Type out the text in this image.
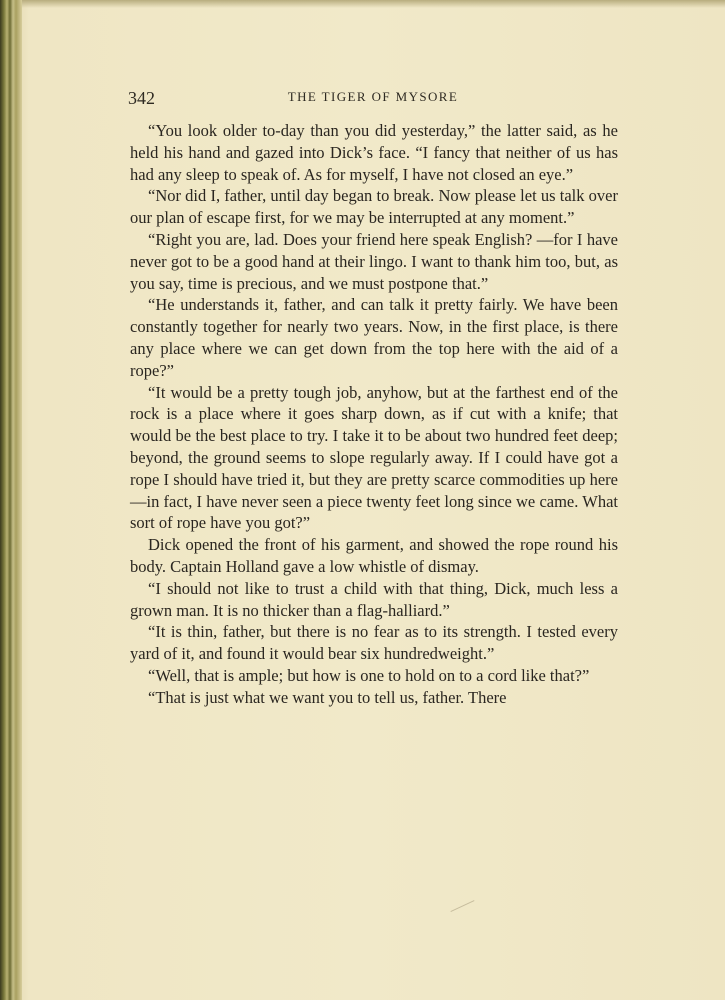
342	THE TIGER OF MYSORE

“You look older to-day than you did yesterday,” the latter said, as he held his hand and gazed into Dick’s face. “I fancy that neither of us has had any sleep to speak of. As for myself, I have not closed an eye.”

“Nor did I, father, until day began to break. Now please let us talk over our plan of escape first, for we may be interrupted at any moment.”

“Right you are, lad. Does your friend here speak English? —for I have never got to be a good hand at their lingo. I want to thank him too, but, as you say, time is precious, and we must postpone that.”

“He understands it, father, and can talk it pretty fairly. We have been constantly together for nearly two years. Now, in the first place, is there any place where we can get down from the top here with the aid of a rope?”

“It would be a pretty tough job, anyhow, but at the farthest end of the rock is a place where it goes sharp down, as if cut with a knife; that would be the best place to try. I take it to be about two hundred feet deep; beyond, the ground seems to slope regularly away. If I could have got a rope I should have tried it, but they are pretty scarce commodities up here—in fact, I have never seen a piece twenty feet long since we came. What sort of rope have you got?”

Dick opened the front of his garment, and showed the rope round his body. Captain Holland gave a low whistle of dismay.

“I should not like to trust a child with that thing, Dick, much less a grown man. It is no thicker than a flag-halliard.”

“It is thin, father, but there is no fear as to its strength. I tested every yard of it, and found it would bear six hundredweight.”

“Well, that is ample; but how is one to hold on to a cord like that?”

“That is just what we want you to tell us, father. There
